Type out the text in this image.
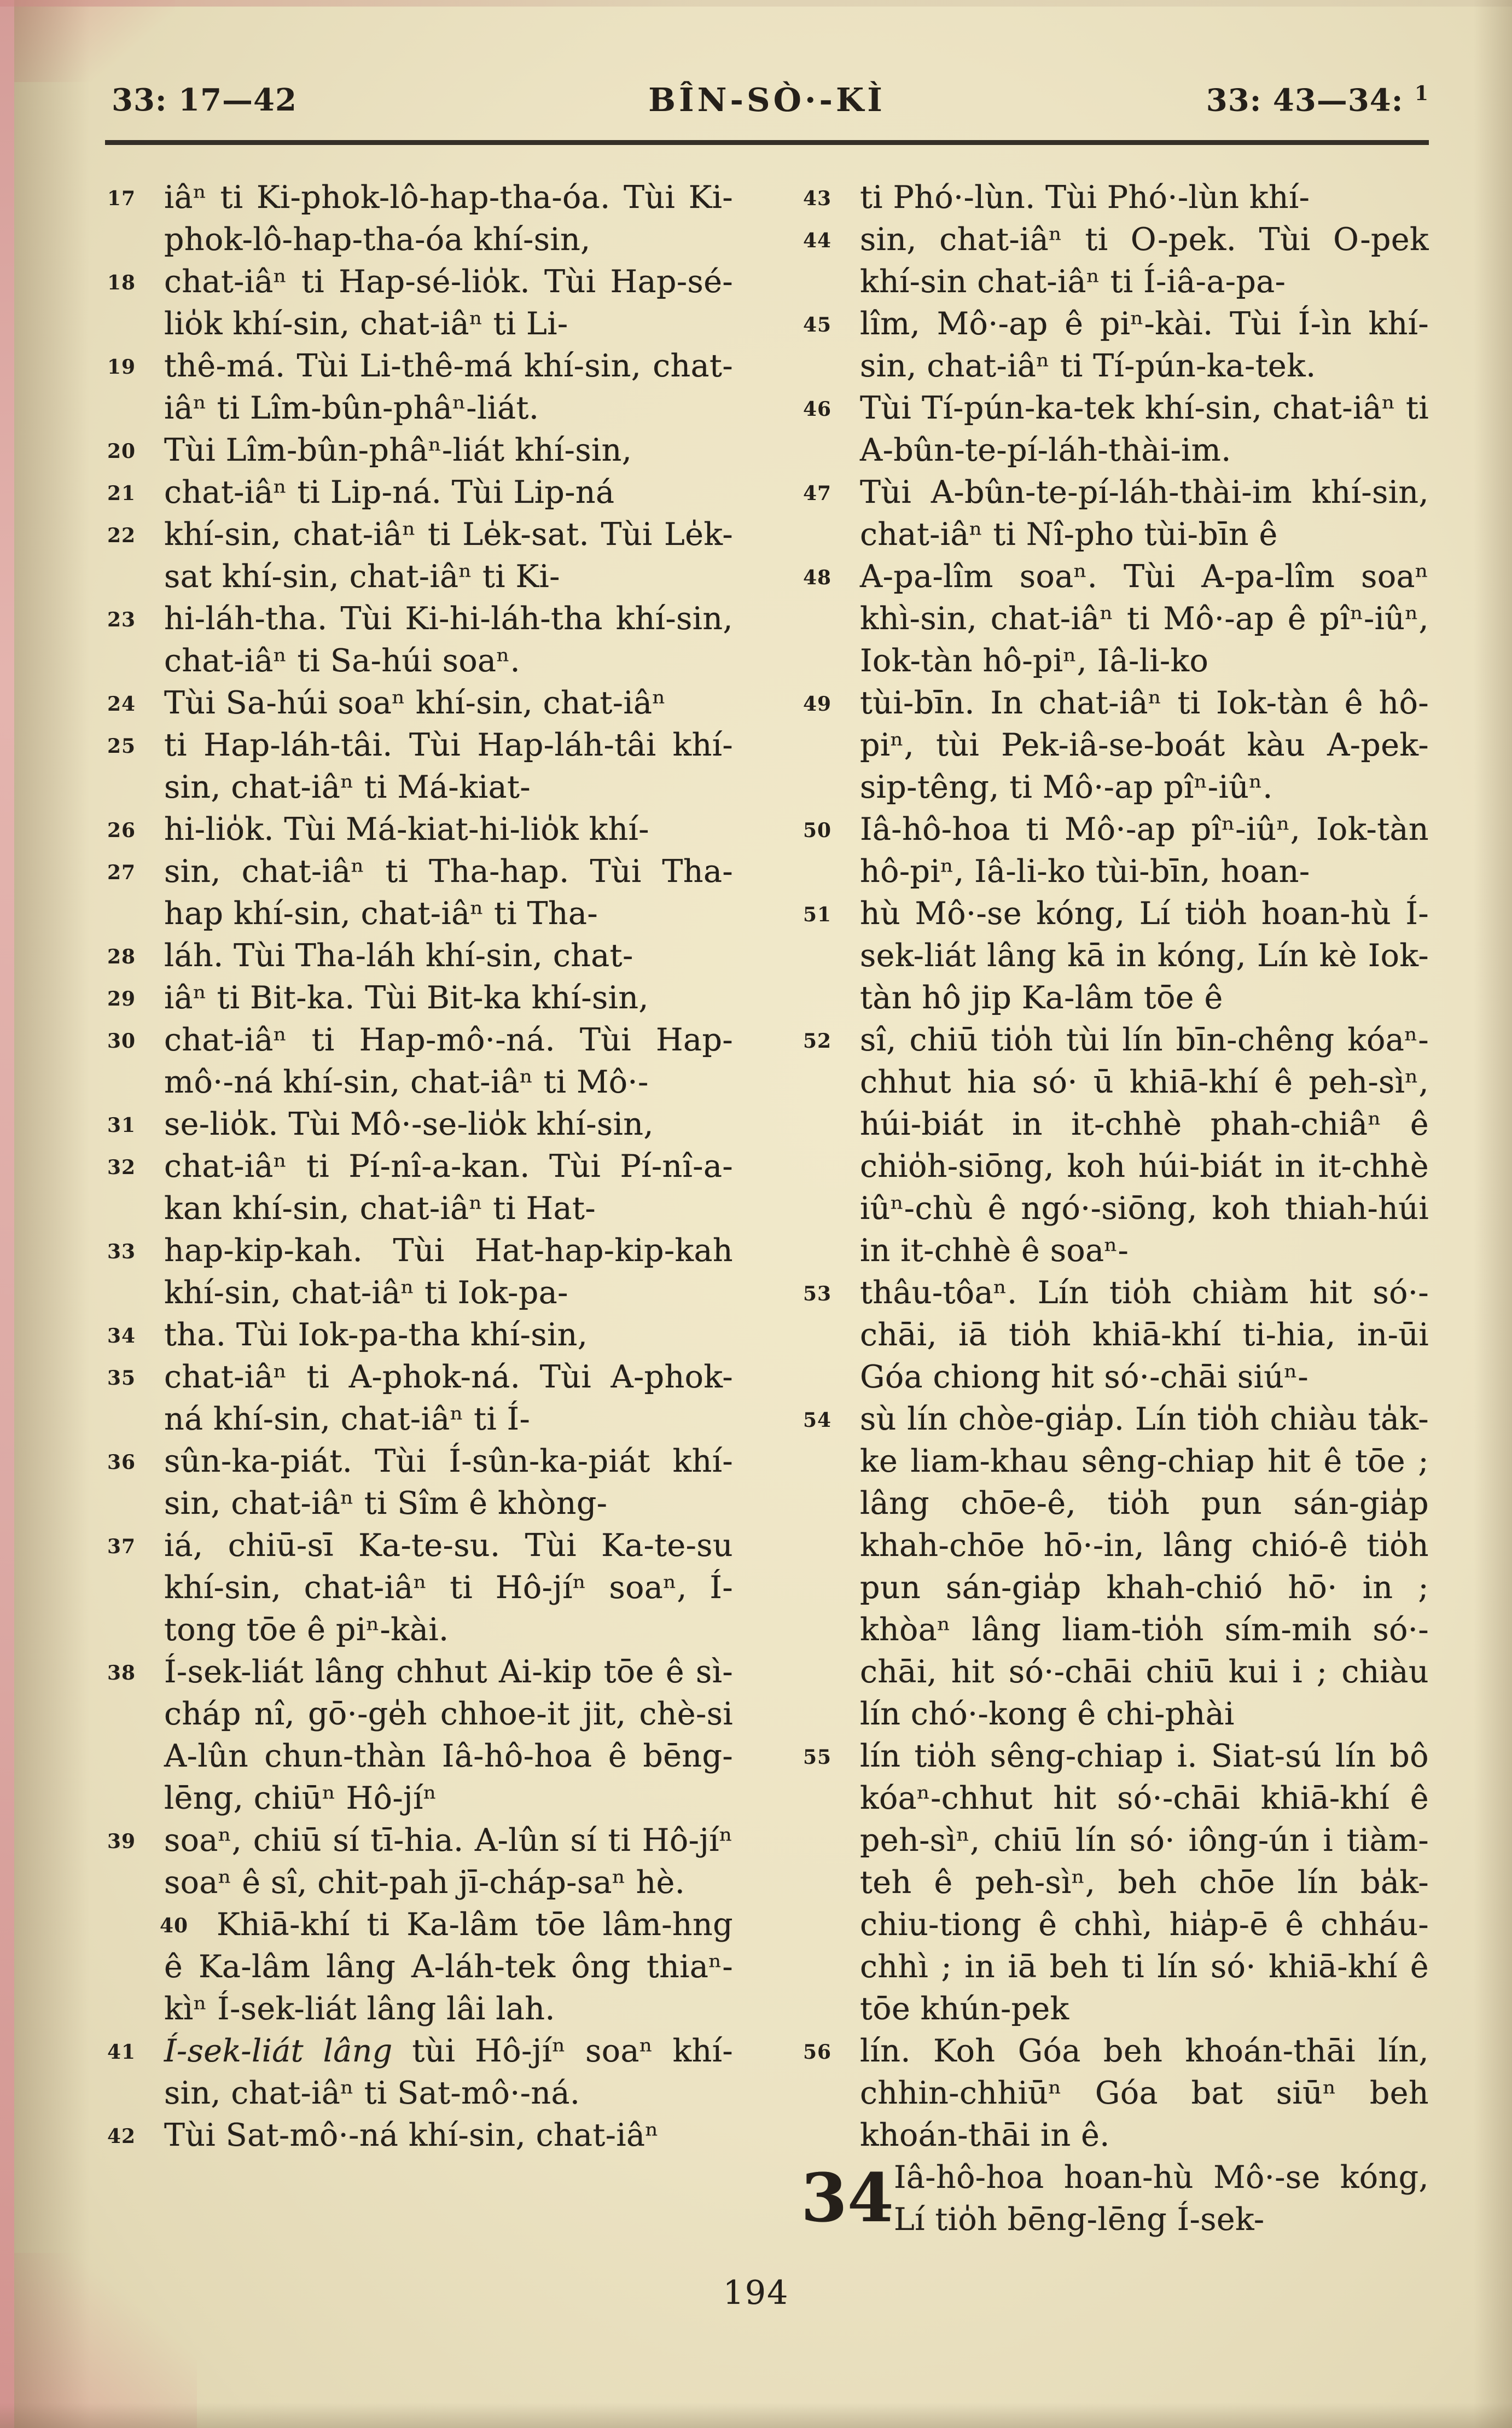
33: 17—42	BÎN-SÒ·-KÌ	33: 43—34: $^1$

17 iâⁿ ti Ki-phok-lô-hap-tha-óa. Tùi Ki-phok-lô-hap-tha-óa khí-sin,

18 chat-iâⁿ ti Hap-sé-lio̍k. Tùi Hap-sé-lio̍k khí-sin, chat-iâⁿ ti Li-

19 thê-má. Tùi Li-thê-má khí-sin, chat-iâⁿ ti Lîm-bûn-phâⁿ-liát.

20 Tùi Lîm-bûn-phâⁿ-liát khí-sin,

21 chat-iâⁿ ti Lip-ná. Tùi Lip-ná

22 khí-sin, chat-iâⁿ ti Le̍k-sat. Tùi Le̍k-sat khí-sin, chat-iâⁿ ti Ki-

23 hi-láh-tha. Tùi Ki-hi-láh-tha khí-sin, chat-iâⁿ ti Sa-húi soaⁿ.

24 Tùi Sa-húi soaⁿ khí-sin, chat-iâⁿ

25 ti Hap-láh-tâi. Tùi Hap-láh-tâi khí-sin, chat-iâⁿ ti Má-kiat-

26 hi-lio̍k. Tùi Má-kiat-hi-lio̍k khí-

27 sin, chat-iâⁿ ti Tha-hap. Tùi Tha-hap khí-sin, chat-iâⁿ ti Tha-

28 láh. Tùi Tha-láh khí-sin, chat-

29 iâⁿ ti Bit-ka. Tùi Bit-ka khí-sin,

30 chat-iâⁿ ti Hap-mô·-ná. Tùi Hap-mô·-ná khí-sin, chat-iâⁿ ti Mô·-

31 se-lio̍k. Tùi Mô·-se-lio̍k khí-sin,

32 chat-iâⁿ ti Pí-nî-a-kan. Tùi Pí-nî-a-kan khí-sin, chat-iâⁿ ti Hat-

33 hap-kip-kah. Tùi Hat-hap-kip-kah khí-sin, chat-iâⁿ ti Iok-pa-

34 tha. Tùi Iok-pa-tha khí-sin,

35 chat-iâⁿ ti A-phok-ná. Tùi A-phok-ná khí-sin, chat-iâⁿ ti Í-

36 sûn-ka-piát. Tùi Í-sûn-ka-piát khí-sin, chat-iâⁿ ti Sîm ê khòng-

37 iá, chiū-sī Ka-te-su. Tùi Ka-te-su khí-sin, chat-iâⁿ ti Hô-jíⁿ soaⁿ, Í-tong tōe ê piⁿ-kài.

38 Í-sek-liát lâng chhut Ai-kip tōe ê sì-cháp nî, gō·-ge̍h chhoe-it jit, chè-si A-lûn chun-thàn Iâ-hô-hoa ê bēng-lēng, chiūⁿ Hô-jíⁿ

39 soaⁿ, chiū sí tī-hia. A-lûn sí ti Hô-jíⁿ soaⁿ ê sî, chit-pah jī-cháp-saⁿ hè.

40 Khiā-khí ti Ka-lâm tōe lâm-hng ê Ka-lâm lâng A-láh-tek ông thiaⁿ-kìⁿ Í-sek-liát lâng lâi lah.

41 Í-sek-liát lâng tùi Hô-jíⁿ soaⁿ khí-sin, chat-iâⁿ ti Sat-mô·-ná.

42 Tùi Sat-mô·-ná khí-sin, chat-iâⁿ

43 ti Phó·-lùn. Tùi Phó·-lùn khí-

44 sin, chat-iâⁿ ti O-pek. Tùi O-pek khí-sin chat-iâⁿ ti Í-iâ-a-pa-

45 lîm, Mô·-ap ê piⁿ-kài. Tùi Í-ìn khí-sin, chat-iâⁿ ti Tí-pún-ka-tek.

46 Tùi Tí-pún-ka-tek khí-sin, chat-iâⁿ ti A-bûn-te-pí-láh-thài-im.

47 Tùi A-bûn-te-pí-láh-thài-im khí-sin, chat-iâⁿ ti Nî-pho tùi-bīn ê

48 A-pa-lîm soaⁿ. Tùi A-pa-lîm soaⁿ khì-sin, chat-iâⁿ ti Mô·-ap ê pîⁿ-iûⁿ, Iok-tàn hô-piⁿ, Iâ-li-ko

49 tùi-bīn. In chat-iâⁿ ti Iok-tàn ê hô-piⁿ, tùi Pek-iâ-se-boát kàu A-pek-sip-têng, ti Mô·-ap pîⁿ-iûⁿ.

50 Iâ-hô-hoa ti Mô·-ap pîⁿ-iûⁿ, Iok-tàn hô-piⁿ, Iâ-li-ko tùi-bīn, hoan-

51 hù Mô·-se kóng, Lí tio̍h hoan-hù Í-sek-liát lâng kā in kóng, Lín kè Iok-tàn hô jip Ka-lâm tōe ê

52 sî, chiū tio̍h tùi lín bīn-chêng kóaⁿ-chhut hia só· ū khiā-khí ê peh-sìⁿ, húi-biát in it-chhè phah-chiâⁿ ê chio̍h-siōng, koh húi-biát in it-chhè iûⁿ-chù ê ngó·-siōng, koh thiah-húi in it-chhè ê soaⁿ-

53 thâu-tôaⁿ. Lín tio̍h chiàm hit só·-chāi, iā tio̍h khiā-khí ti-hia, in-ūi Góa chiong hit só·-chāi siúⁿ-

54 sù lín chòe-gia̍p. Lín tio̍h chiàu ta̍k-ke liam-khau sêng-chiap hit ê tōe ; lâng chōe-ê, tio̍h pun sán-gia̍p khah-chōe hō·-in, lâng chió-ê tio̍h pun sán-gia̍p khah-chió hō· in ; khòaⁿ lâng liam-tio̍h sím-mih só·-chāi, hit só·-chāi chiū kui i ; chiàu lín chó·-kong ê chi-phài

55 lín tio̍h sêng-chiap i. Siat-sú lín bô kóaⁿ-chhut hit só·-chāi khiā-khí ê peh-sìⁿ, chiū lín só· iông-ún i tiàm-teh ê peh-sìⁿ, beh chōe lín ba̍k-chiu-tiong ê chhì, hia̍p-ē ê chháu-chhì ; in iā beh ti lín só· khiā-khí ê tōe khún-pek

56 lín. Koh Góa beh khoán-thāi lín, chhin-chhiūⁿ Góa bat siūⁿ beh khoán-thāi in ê.

34 Iâ-hô-hoa hoan-hù Mô·-se kóng, Lí tio̍h bēng-lēng Í-sek-

194
